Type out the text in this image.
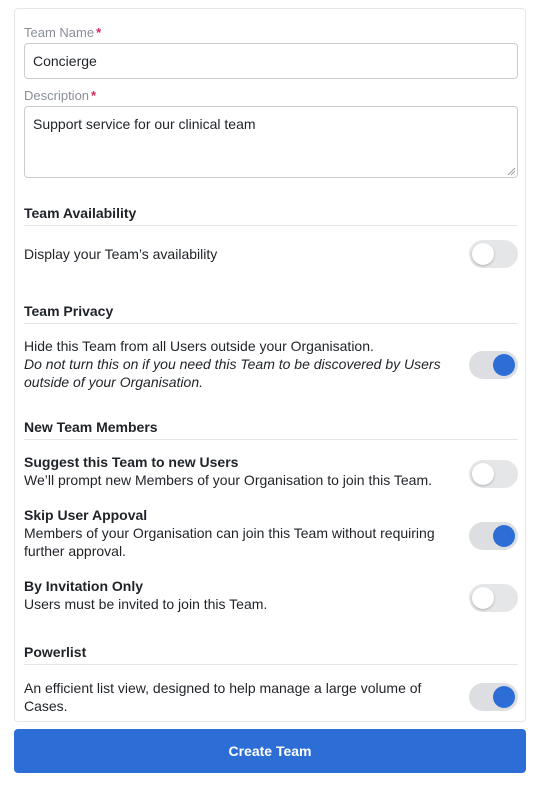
Team Name *
Concierge
Description *
Support service for our clinical team
Team Availability
Display your Team’s availability
Team Privacy
Hide this Team from all Users outside your Organisation.
Do not turn this on if you need this Team to be discovered by Users outside of your Organisation.
New Team Members
Suggest this Team to new Users
We’ll prompt new Members of your Organisation to join this Team.
Skip User Appoval
Members of your Organisation can join this Team without requiring further approval.
By Invitation Only
Users must be invited to join this Team.
Powerlist
An efficient list view, designed to help manage a large volume of Cases.
Create Team
